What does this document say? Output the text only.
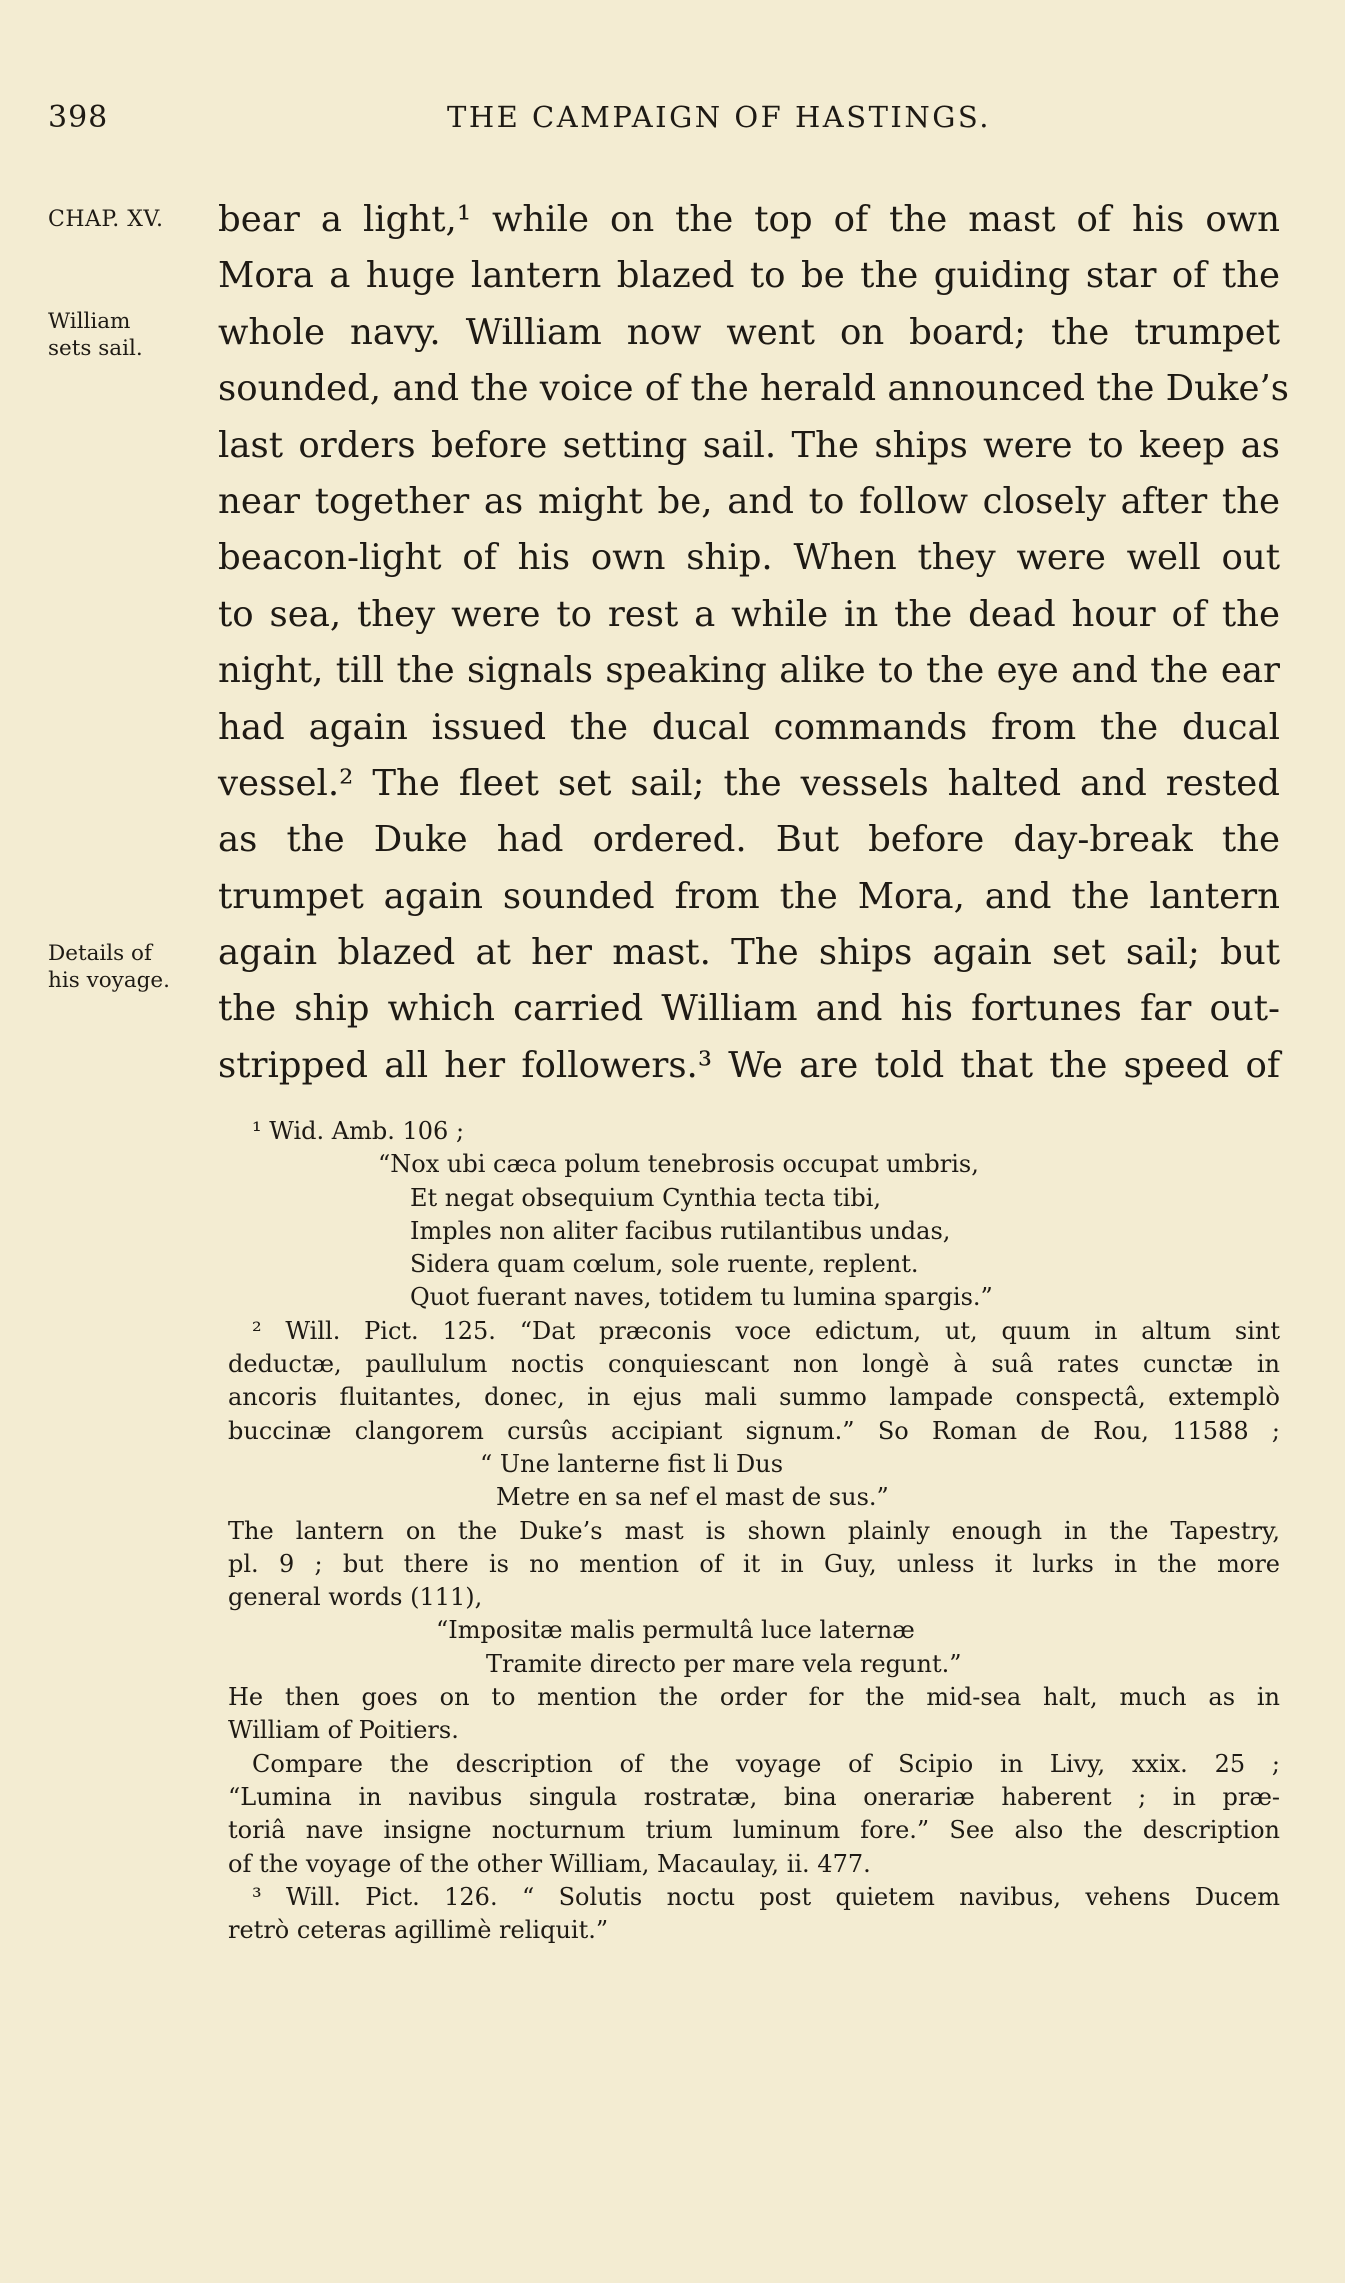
398	THE CAMPAIGN OF HASTINGS.
CHAP. XV.
William
sets sail.
Details of
his voyage.
bear a light,¹ while on the top of the mast of his own
Mora a huge lantern blazed to be the guiding star of the
whole navy. William now went on board; the trumpet
sounded, and the voice of the herald announced the Duke’s
last orders before setting sail. The ships were to keep as
near together as might be, and to follow closely after the
beacon-light of his own ship. When they were well out
to sea, they were to rest a while in the dead hour of the
night, till the signals speaking alike to the eye and the ear
had again issued the ducal commands from the ducal
vessel.² The fleet set sail; the vessels halted and rested
as the Duke had ordered. But before day-break the
trumpet again sounded from the Mora, and the lantern
again blazed at her mast. The ships again set sail; but
the ship which carried William and his fortunes far out-
stripped all her followers.³ We are told that the speed of
¹ Wid. Amb. 106 ;
“Nox ubi cæca polum tenebrosis occupat umbris,
Et negat obsequium Cynthia tecta tibi,
Imples non aliter facibus rutilantibus undas,
Sidera quam cœlum, sole ruente, replent.
Quot fuerant naves, totidem tu lumina spargis.”
² Will. Pict. 125. “Dat præconis voce edictum, ut, quum in altum sint
deductæ, paullulum noctis conquiescant non longè à suâ rates cunctæ in
ancoris fluitantes, donec, in ejus mali summo lampade conspectâ, extemplò
buccinæ clangorem cursûs accipiant signum.” So Roman de Rou, 11588 ;
“ Une lanterne fist li Dus
Metre en sa nef el mast de sus.”
The lantern on the Duke’s mast is shown plainly enough in the Tapestry,
pl. 9 ; but there is no mention of it in Guy, unless it lurks in the more
general words (111),
“Impositæ malis permultâ luce laternæ
Tramite directo per mare vela regunt.”
He then goes on to mention the order for the mid-sea halt, much as in
William of Poitiers.
Compare the description of the voyage of Scipio in Livy, xxix. 25 ;
“Lumina in navibus singula rostratæ, bina onerariæ haberent ; in præ-
toriâ nave insigne nocturnum trium luminum fore.” See also the description
of the voyage of the other William, Macaulay, ii. 477.
³ Will. Pict. 126. “ Solutis noctu post quietem navibus, vehens Ducem
retrò ceteras agillimè reliquit.”
